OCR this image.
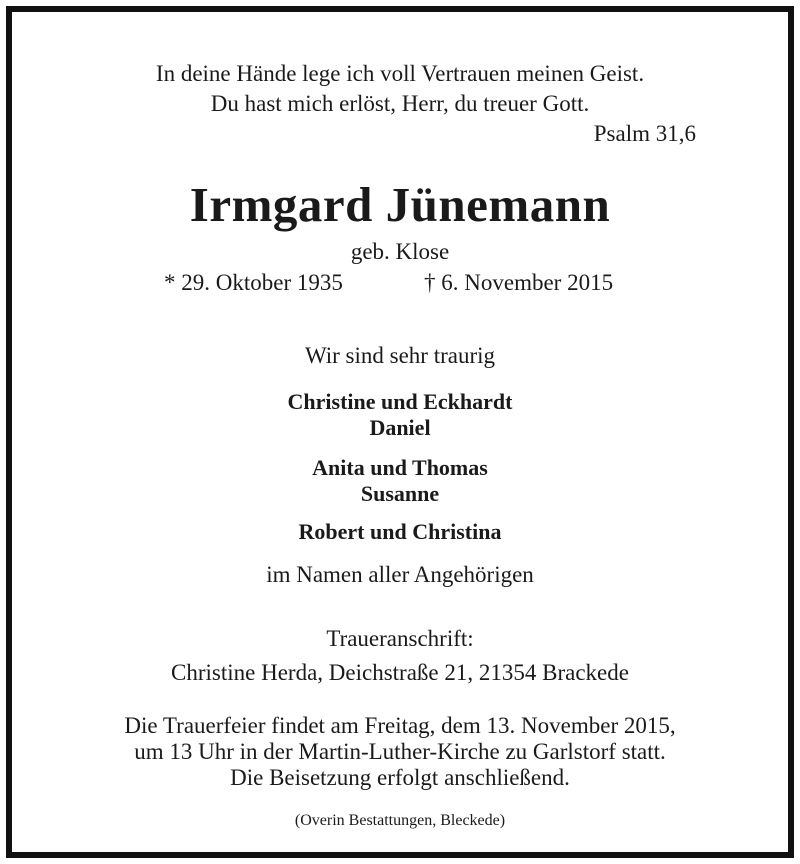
In deine Hände lege ich voll Vertrauen meinen Geist.
Du hast mich erlöst, Herr, du treuer Gott.
Psalm 31,6
Irmgard Jünemann
geb. Klose
* 29. Oktober 1935	† 6. November 2015
Wir sind sehr traurig
Christine und Eckhardt
Daniel
Anita und Thomas
Susanne
Robert und Christina
im Namen aller Angehörigen
Traueranschrift:
Christine Herda, Deichstraße 21, 21354 Brackede
Die Trauerfeier findet am Freitag, dem 13. November 2015,
um 13 Uhr in der Martin-Luther-Kirche zu Garlstorf statt.
Die Beisetzung erfolgt anschließend.
(Overin Bestattungen, Bleckede)
